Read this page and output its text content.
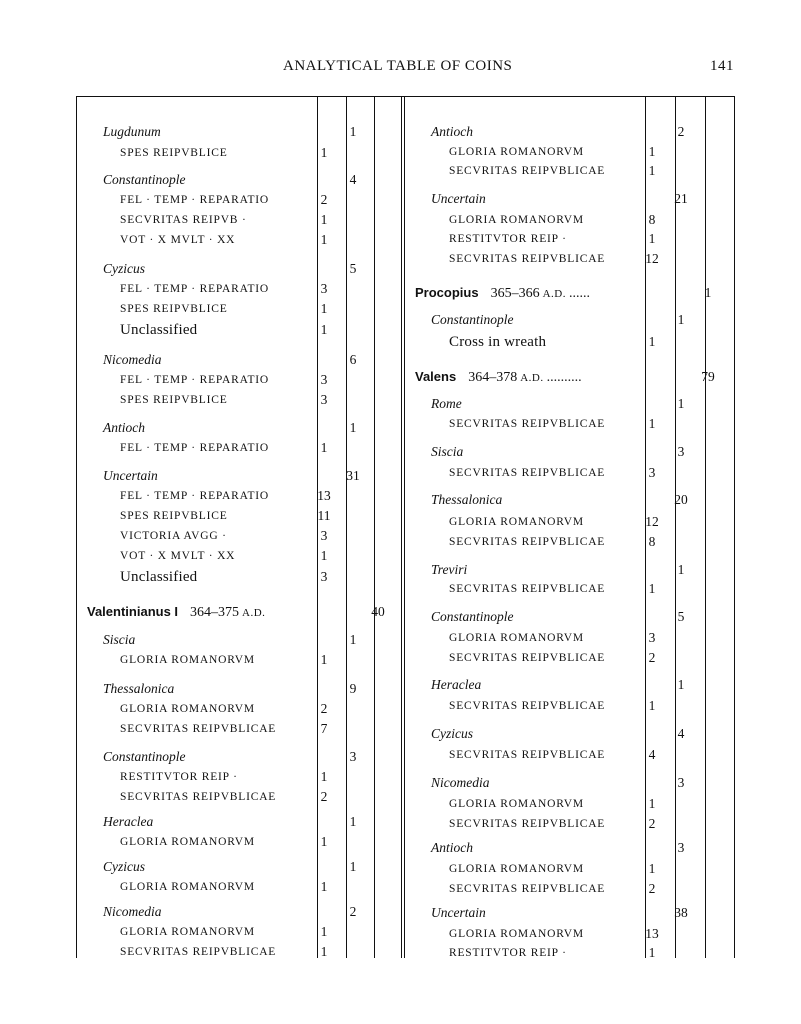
ANALYTICAL TABLE OF COINS	141
Lugdunum	1
SPES REIPVBLICE	1
Constantinople	4
FEL · TEMP · REPARATIO	2
SECVRITAS REIPVB ·	1
VOT · X MVLT · XX	1
Cyzicus	5
FEL · TEMP · REPARATIO	3
SPES REIPVBLICE	1
Unclassified	1
Nicomedia	6
FEL · TEMP · REPARATIO	3
SPES REIPVBLICE	3
Antioch	1
FEL · TEMP · REPARATIO	1
Uncertain	31
FEL · TEMP · REPARATIO	13
SPES REIPVBLICE	11
VICTORIA AVGG ·	3
VOT · X MVLT · XX	1
Unclassified	3
Valentinianus I   364–375 A.D.	40
Siscia	1
GLORIA ROMANORVM	1
Thessalonica	9
GLORIA ROMANORVM	2
SECVRITAS REIPVBLICAE	7
Constantinople	3
RESTITVTOR REIP ·	1
SECVRITAS REIPVBLICAE	2
Heraclea	1
GLORIA ROMANORVM	1
Cyzicus	1
GLORIA ROMANORVM	1
Nicomedia	2
GLORIA ROMANORVM	1
SECVRITAS REIPVBLICAE	1
Antioch	2
GLORIA ROMANORVM	1
SECVRITAS REIPVBLICAE	1
Uncertain	21
GLORIA ROMANORVM	8
RESTITVTOR REIP ·	1
SECVRITAS REIPVBLICAE	12
Procopius   365–366 A.D. ......	1
Constantinople	1
Cross in wreath	1
Valens   364–378 A.D. ..........	79
Rome	1
SECVRITAS REIPVBLICAE	1
Siscia	3
SECVRITAS REIPVBLICAE	3
Thessalonica	20
GLORIA ROMANORVM	12
SECVRITAS REIPVBLICAE	8
Treviri	1
SECVRITAS REIPVBLICAE	1
Constantinople	5
GLORIA ROMANORVM	3
SECVRITAS REIPVBLICAE	2
Heraclea	1
SECVRITAS REIPVBLICAE	1
Cyzicus	4
SECVRITAS REIPVBLICAE	4
Nicomedia	3
GLORIA ROMANORVM	1
SECVRITAS REIPVBLICAE	2
Antioch	3
GLORIA ROMANORVM	1
SECVRITAS REIPVBLICAE	2
Uncertain	38
GLORIA ROMANORVM	13
RESTITVTOR REIP ·	1
